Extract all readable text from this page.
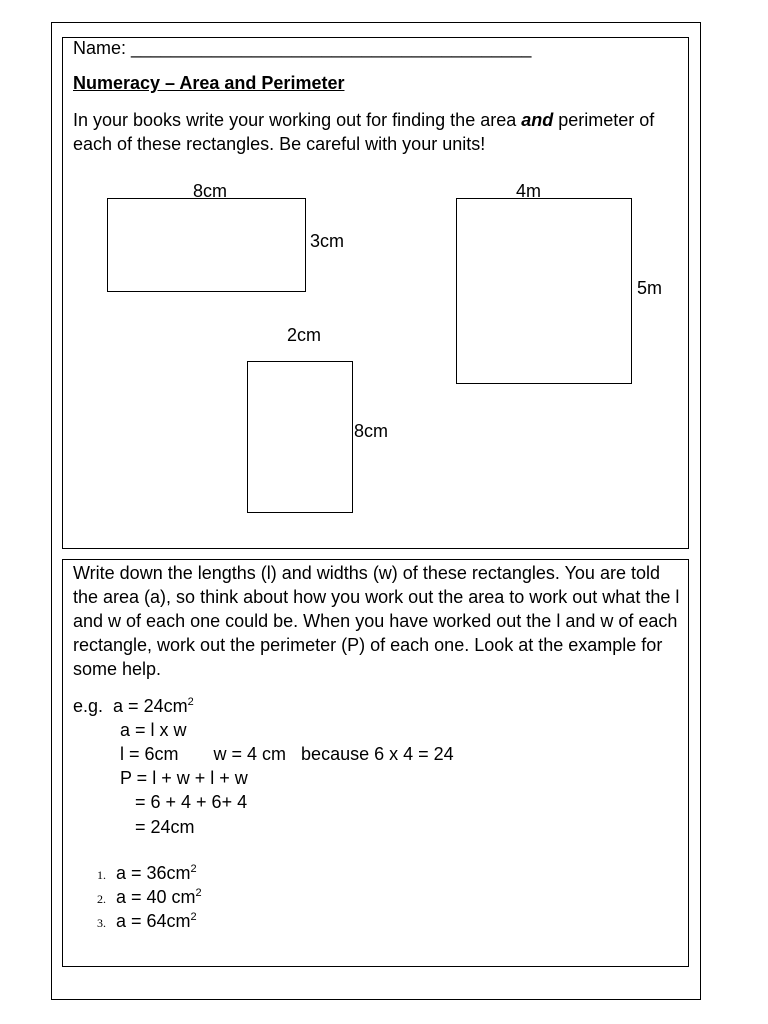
Name: ________________________________________
Numeracy – Area and Perimeter
In your books write your working out for finding the area and perimeter of each of these rectangles. Be careful with your units!
8cm
3cm
4m
5m
2cm
8cm
Write down the lengths (l) and widths (w) of these rectangles. You are told the area (a), so think about how you work out the area to work out what the l and w of each one could be. When you have worked out the l and w of each rectangle, work out the perimeter (P) of each one. Look at the example for some help.
e.g. $a = 24cm^2$
a = l x w
l = 6cm       w = 4 cm   because 6 x 4 = 24
P = l + w + l + w
= 6 + 4 + 6+ 4
= 24cm
1. $a = 36cm^2$
2. a = 40 $cm^2$
3. $a = 64cm^2$
